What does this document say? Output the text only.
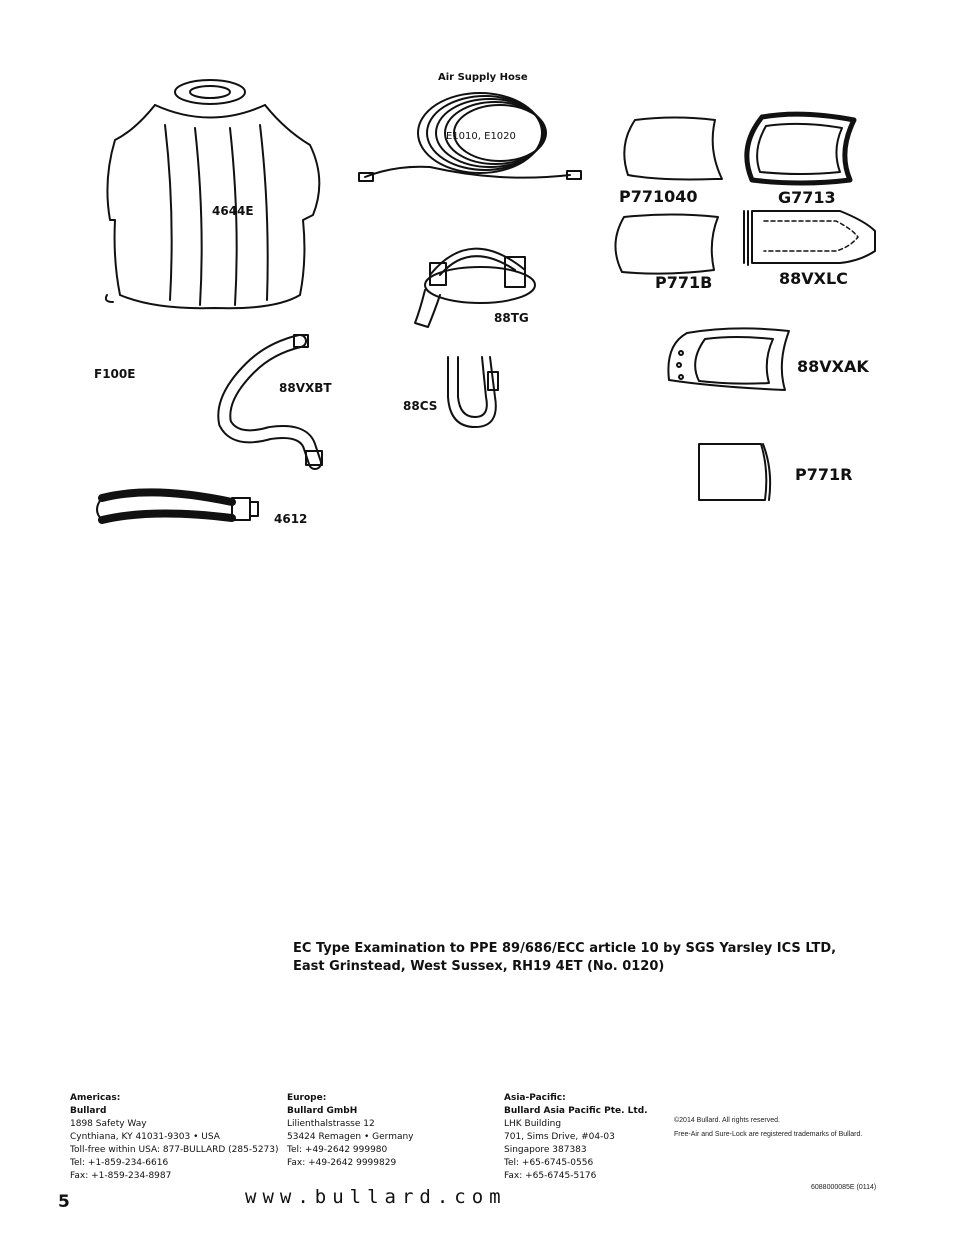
Air Supply Hose
E1010, E1020
4644E
F100E
88VXBT
4612
88TG
88CS
P771040	G7713
P771B	88VXLC
88VXAK
P771R
EC Type Examination to PPE 89/686/ECC article 10 by SGS Yarsley ICS LTD,
East Grinstead, West Sussex, RH19 4ET (No. 0120)
Americas:
Bullard
1898 Safety Way
Cynthiana, KY 41031-9303 • USA
Toll-free within USA: 877-BULLARD (285-5273)
Tel: +1-859-234-6616
Fax: +1-859-234-8987
Europe:
Bullard GmbH
Lilienthalstrasse 12
53424 Remagen • Germany
Tel: +49-2642 999980
Fax: +49-2642 9999829
Asia-Pacific:
Bullard Asia Pacific Pte. Ltd.
LHK Building
701, Sims Drive, #04-03
Singapore 387383
Tel: +65-6745-0556
Fax: +65-6745-5176
©2014 Bullard. All rights reserved.
Free-Air and Sure-Lock are registered trademarks of Bullard.
6088000085E (0114)
5	www.bullard.com
